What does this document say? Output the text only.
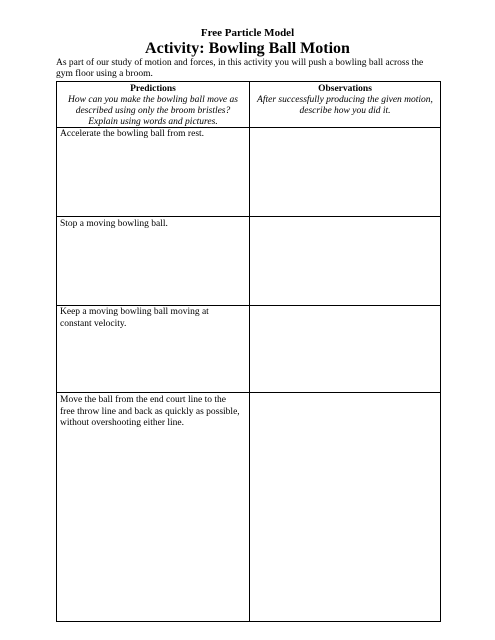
Free Particle Model
Activity: Bowling Ball Motion
As part of our study of motion and forces, in this activity you will push a bowling ball across the gym floor using a broom.
Predictions
How can you make the bowling ball move as
described using only the broom bristles?
Explain using words and pictures.
Observations
After successfully producing the given motion,
describe how you did it.
Accelerate the bowling ball from rest.
Stop a moving bowling ball.
Keep a moving bowling ball moving at
constant velocity.
Move the ball from the end court line to the
free throw line and back as quickly as possible,
without overshooting either line.
